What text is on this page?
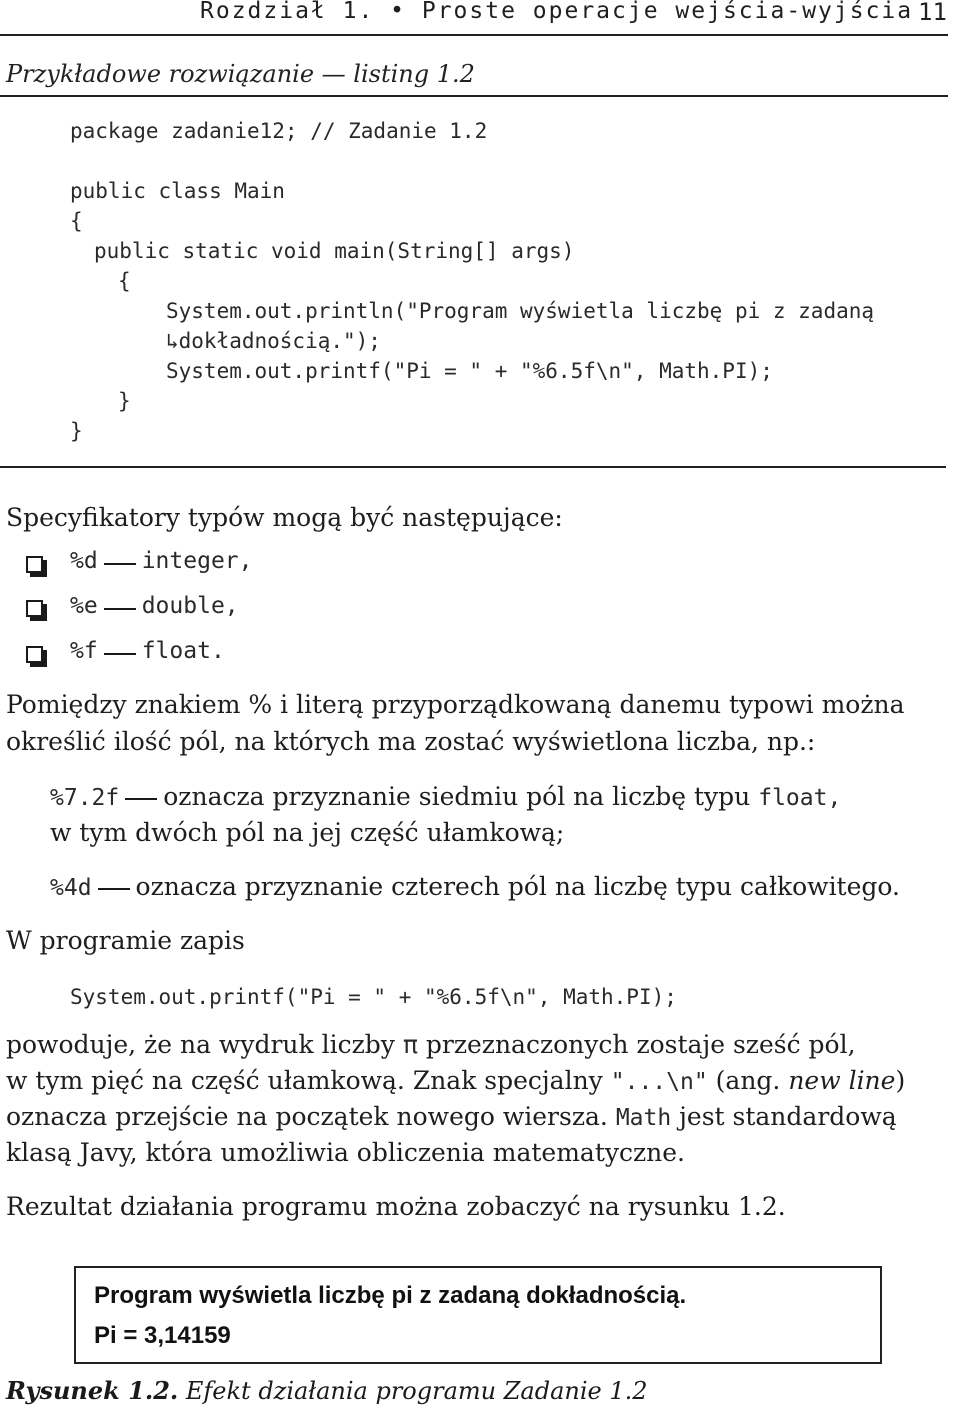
Rozdział 1. • Proste operacje wejścia-wyjścia 11
Przykładowe rozwiązanie — listing 1.2
package zadanie12; // Zadanie 1.2
public class Main
{
public static void main(String[] args)
{
System.out.println("Program wyświetla liczbę pi z zadaną
↳dokładnością.");
System.out.printf("Pi = " + "%6.5f\n", Math.PI);
}
}
Specyfikatory typów mogą być następujące:
%d integer,
%e double,
%f float.
Pomiędzy znakiem % i literą przyporządkowaną danemu typowi można
określić ilość pól, na których ma zostać wyświetlona liczba, np.:
%7.2f oznacza przyznanie siedmiu pól na liczbę typu float,
w tym dwóch pól na jej część ułamkową;
%4d oznacza przyznanie czterech pól na liczbę typu całkowitego.
W programie zapis
System.out.printf("Pi = " + "%6.5f\n", Math.PI);
powoduje, że na wydruk liczby π przeznaczonych zostaje sześć pól,
w tym pięć na część ułamkową. Znak specjalny "...\n" (ang. new line)
oznacza przejście na początek nowego wiersza. Math jest standardową
klasą Javy, która umożliwia obliczenia matematyczne.
Rezultat działania programu można zobaczyć na rysunku 1.2.
Program wyświetla liczbę pi z zadaną dokładnością.
Pi = 3,14159
Rysunek 1.2. Efekt działania programu Zadanie 1.2
